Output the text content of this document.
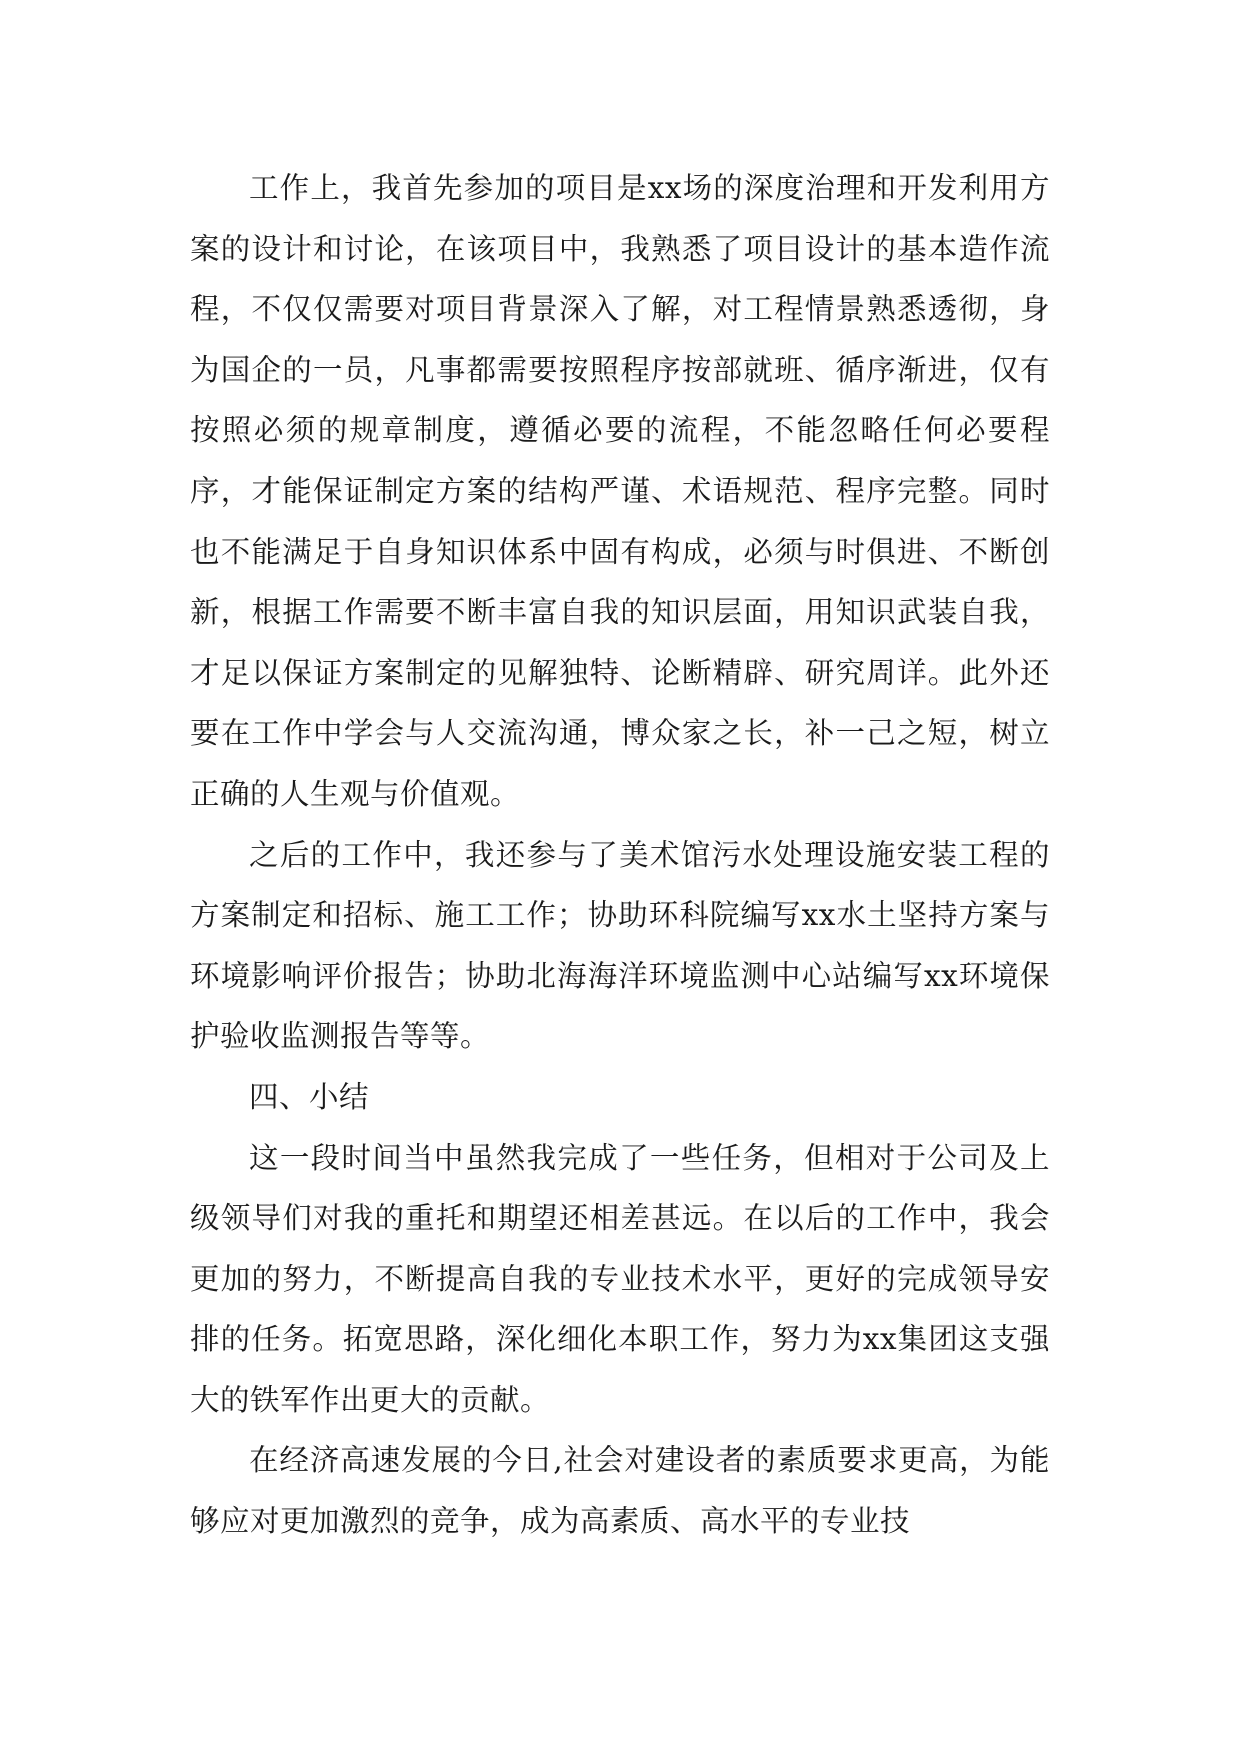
工作上，我首先参加的项目是xx场的深度治理和开发利用方案的设计和讨论，在该项目中，我熟悉了项目设计的基本造作流程，不仅仅需要对项目背景深入了解，对工程情景熟悉透彻，身为国企的一员，凡事都需要按照程序按部就班、循序渐进，仅有按照必须的规章制度，遵循必要的流程，不能忽略任何必要程序，才能保证制定方案的结构严谨、术语规范、程序完整。同时也不能满足于自身知识体系中固有构成，必须与时俱进、不断创新，根据工作需要不断丰富自我的知识层面，用知识武装自我，才足以保证方案制定的见解独特、论断精辟、研究周详。此外还要在工作中学会与人交流沟通，博众家之长，补一己之短，树立正确的人生观与价值观。

之后的工作中，我还参与了美术馆污水处理设施安装工程的方案制定和招标、施工工作；协助环科院编写xx水土坚持方案与环境影响评价报告；协助北海海洋环境监测中心站编写xx环境保护验收监测报告等等。

四、小结

这一段时间当中虽然我完成了一些任务，但相对于公司及上级领导们对我的重托和期望还相差甚远。在以后的工作中，我会更加的努力，不断提高自我的专业技术水平，更好的完成领导安排的任务。拓宽思路，深化细化本职工作，努力为xx集团这支强大的铁军作出更大的贡献。

在经济高速发展的今日,社会对建设者的素质要求更高，为能够应对更加激烈的竞争，成为高素质、高水平的专业技
